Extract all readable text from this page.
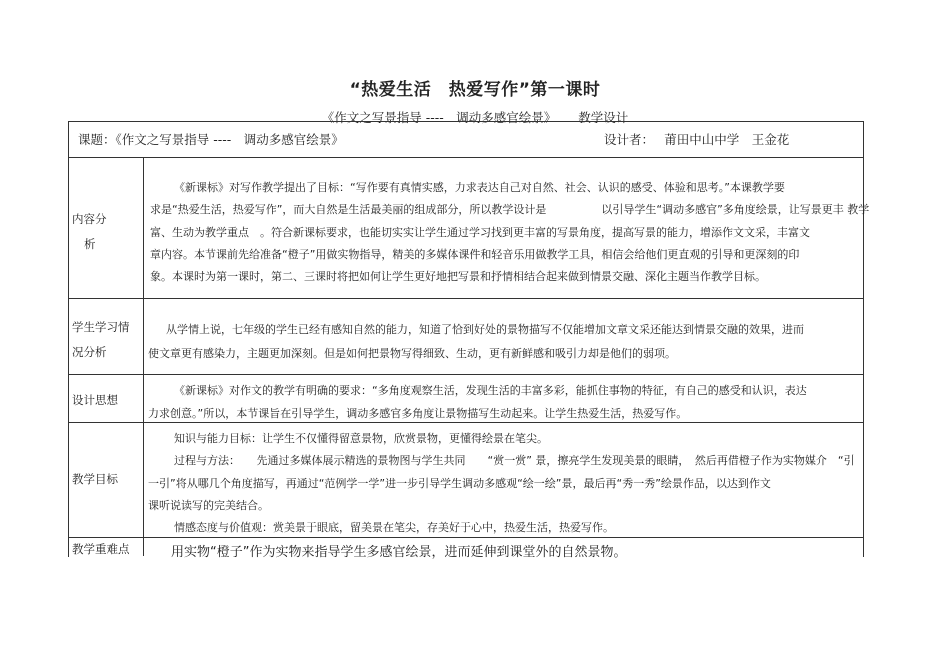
“热爱生活　热爱写作”第一课时
《作文之写景指导 ----　调动多感官绘景》 教学设计
课题：《作文之写景指导 ----　调动多感官绘景》	设计者：　 莆田中山中学　王金花
内容分
析
《新课标》对写作教学提出了目标：“写作要有真情实感，力求表达自己对自然、社会、认识的感受、体验和思考。”本课教学要
求是“热爱生活，热爱写作”，而大自然是生活最美丽的组成部分，所以教学设计是　　　　　以引导学生“调动多感官”多角度绘景，让写景更丰 教学
富、生动为教学重点　。符合新课标要求，也能切实实让学生通过学习找到更丰富的写景角度，提高写景的能力，增添作文文采，丰富文
章内容。本节课前先给准备“橙子”用做实物指导，精美的多媒体课件和轻音乐用做教学工具，相信会给他们更直观的引导和更深刻的印
象。本课时为第一课时，第二、三课时将把如何让学生更好地把写景和抒情相结合起来做到情景交融、深化主题当作教学目标。
学生学习情
况分析
从学情上说，七年级的学生已经有感知自然的能力，知道了恰到好处的景物描写不仅能增加文章文采还能达到情景交融的效果，进而
使文章更有感染力，主题更加深刻。但是如何把景物写得细致、生动，更有新鲜感和吸引力却是他们的弱项。
设计思想
《新课标》对作文的教学有明确的要求：“多角度观察生活，发现生活的丰富多彩，能抓住事物的特征，有自己的感受和认识，表达
力求创意。”所以，本节课旨在引导学生，调动多感官多角度让景物描写生动起来。让学生热爱生活，热爱写作。
教学目标
知识与能力目标：让学生不仅懂得留意景物，欣赏景物，更懂得绘景在笔尖。
过程与方法：　　先通过多媒体展示精选的景物图与学生共同　　“赏一赏” 景，擦亮学生发现美景的眼睛，　然后再借橙子作为实物媒介　“引
一引”将从哪几个角度描写，再通过“范例学一学”进一步引导学生调动多感观“绘一绘”景，最后再“秀一秀”绘景作品，以达到作文
课听说读写的完美结合。
情感态度与价值观：赏美景于眼底，留美景在笔尖，存美好于心中，热爱生活，热爱写作。
教学重难点	用实物“橙子”作为实物来指导学生多感官绘景，进而延伸到课堂外的自然景物。
